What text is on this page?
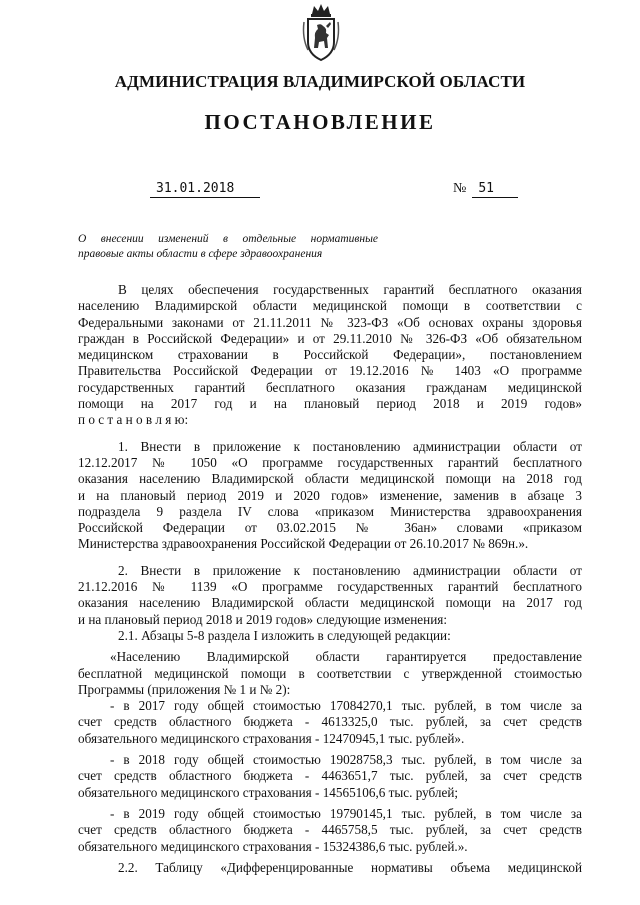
АДМИНИСТРАЦИЯ ВЛАДИМИРСКОЙ ОБЛАСТИ
ПОСТАНОВЛЕНИЕ
31.01.2018	№ 51
О внесении изменений в отдельные нормативные
правовые акты области в сфере здравоохранения
В целях обеспечения государственных гарантий бесплатного оказания
населению Владимирской области медицинской помощи в соответствии с
Федеральными законами от 21.11.2011 № 323-ФЗ «Об основах охраны здоровья
граждан в Российской Федерации» и от 29.11.2010 № 326-ФЗ «Об обязательном
медицинском страховании в Российской Федерации», постановлением
Правительства Российской Федерации от 19.12.2016 № 1403 «О программе
государственных гарантий бесплатного оказания гражданам медицинской
помощи на 2017 год и на плановый период 2018 и 2019 годов»
п о с т а н о в л я ю:
1. Внести в приложение к постановлению администрации области от
12.12.2017 № 1050 «О программе государственных гарантий бесплатного
оказания населению Владимирской области медицинской помощи на 2018 год
и на плановый период 2019 и 2020 годов» изменение, заменив в абзаце 3
подраздела 9 раздела IV слова «приказом Министерства здравоохранения
Российской Федерации от 03.02.2015 № 36ан» словами «приказом
Министерства здравоохранения Российской Федерации от 26.10.2017 № 869н.».
2. Внести в приложение к постановлению администрации области от
21.12.2016 № 1139 «О программе государственных гарантий бесплатного
оказания населению Владимирской области медицинской помощи на 2017 год
и на плановый период 2018 и 2019 годов» следующие изменения:
2.1. Абзацы 5-8 раздела I изложить в следующей редакции:
«Населению Владимирской области гарантируется предоставление
бесплатной медицинской помощи в соответствии с утвержденной стоимостью
Программы (приложения № 1 и № 2):
- в 2017 году общей стоимостью 17084270,1 тыс. рублей, в том числе за
счет средств областного бюджета - 4613325,0 тыс. рублей, за счет средств
обязательного медицинского страхования - 12470945,1 тыс. рублей».
- в 2018 году общей стоимостью 19028758,3 тыс. рублей, в том числе за
счет средств областного бюджета - 4463651,7 тыс. рублей, за счет средств
обязательного медицинского страхования - 14565106,6 тыс. рублей;
- в 2019 году общей стоимостью 19790145,1 тыс. рублей, в том числе за
счет средств областного бюджета - 4465758,5 тыс. рублей, за счет средств
обязательного медицинского страхования - 15324386,6 тыс. рублей.».
2.2. Таблицу «Дифференцированные нормативы объема медицинской
